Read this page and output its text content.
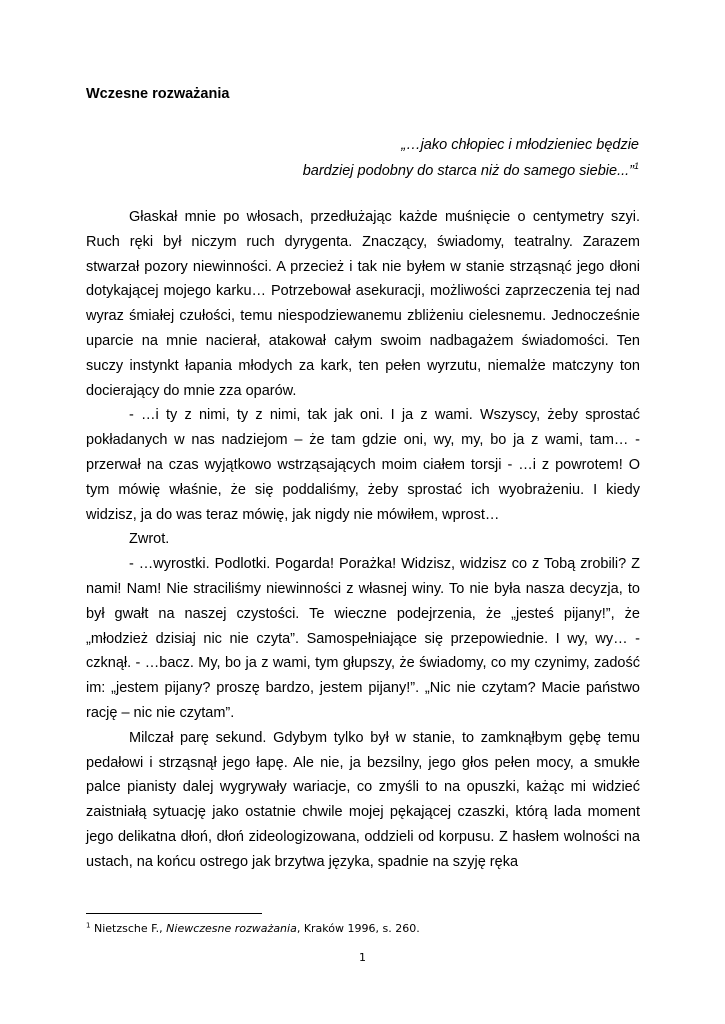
Wczesne rozważania
„…jako chłopiec i młodzieniec będzie
bardziej podobny do starca niż do samego siebie...”$^1$

Głaskał mnie po włosach, przedłużając każde muśnięcie o centymetry szyi. Ruch ręki był niczym ruch dyrygenta. Znaczący, świadomy, teatralny. Zarazem stwarzał pozory niewinności. A przecież i tak nie byłem w stanie strząsnąć jego dłoni dotykającej mojego karku… Potrzebował asekuracji, możliwości zaprzeczenia tej nad wyraz śmiałej czułości, temu niespodziewanemu zbliżeniu cielesnemu. Jednocześnie uparcie na mnie nacierał, atakował całym swoim nadbagażem świadomości. Ten suczy instynkt łapania młodych za kark, ten pełen wyrzutu, niemalże matczyny ton docierający do mnie zza oparów.

- …i ty z nimi, ty z nimi, tak jak oni. I ja z wami. Wszyscy, żeby sprostać pokładanych w nas nadziejom – że tam gdzie oni, wy, my, bo ja z wami, tam… - przerwał na czas wyjątkowo wstrząsających moim ciałem torsji - …i z powrotem! O tym mówię właśnie, że się poddaliśmy, żeby sprostać ich wyobrażeniu. I kiedy widzisz, ja do was teraz mówię, jak nigdy nie mówiłem, wprost…

Zwrot.

- …wyrostki. Podlotki. Pogarda! Porażka! Widzisz, widzisz co z Tobą zrobili? Z nami! Nam! Nie straciliśmy niewinności z własnej winy. To nie była nasza decyzja, to był gwałt na naszej czystości. Te wieczne podejrzenia, że „jesteś pijany!”, że „młodzież dzisiaj nic nie czyta”. Samospełniające się przepowiednie. I wy, wy… - czknął. - …bacz. My, bo ja z wami, tym głupszy, że świadomy, co my czynimy, zadość im: „jestem pijany? proszę bardzo, jestem pijany!”. „Nic nie czytam? Macie państwo rację – nic nie czytam”.

Milczał parę sekund. Gdybym tylko był w stanie, to zamknąłbym gębę temu pedałowi i strząsnął jego łapę. Ale nie, ja bezsilny, jego głos pełen mocy, a smukłe palce pianisty dalej wygrywały wariacje, co zmyśli to na opuszki, każąc mi widzieć zaistniałą sytuację jako ostatnie chwile mojej pękającej czaszki, którą lada moment jego delikatna dłoń, dłoń zideologizowana, oddzieli od korpusu. Z hasłem wolności na ustach, na końcu ostrego jak brzytwa języka, spadnie na szyję ręka

$^1$ Nietzsche F., Niewczesne rozważania, Kraków 1996, s. 260.
1
